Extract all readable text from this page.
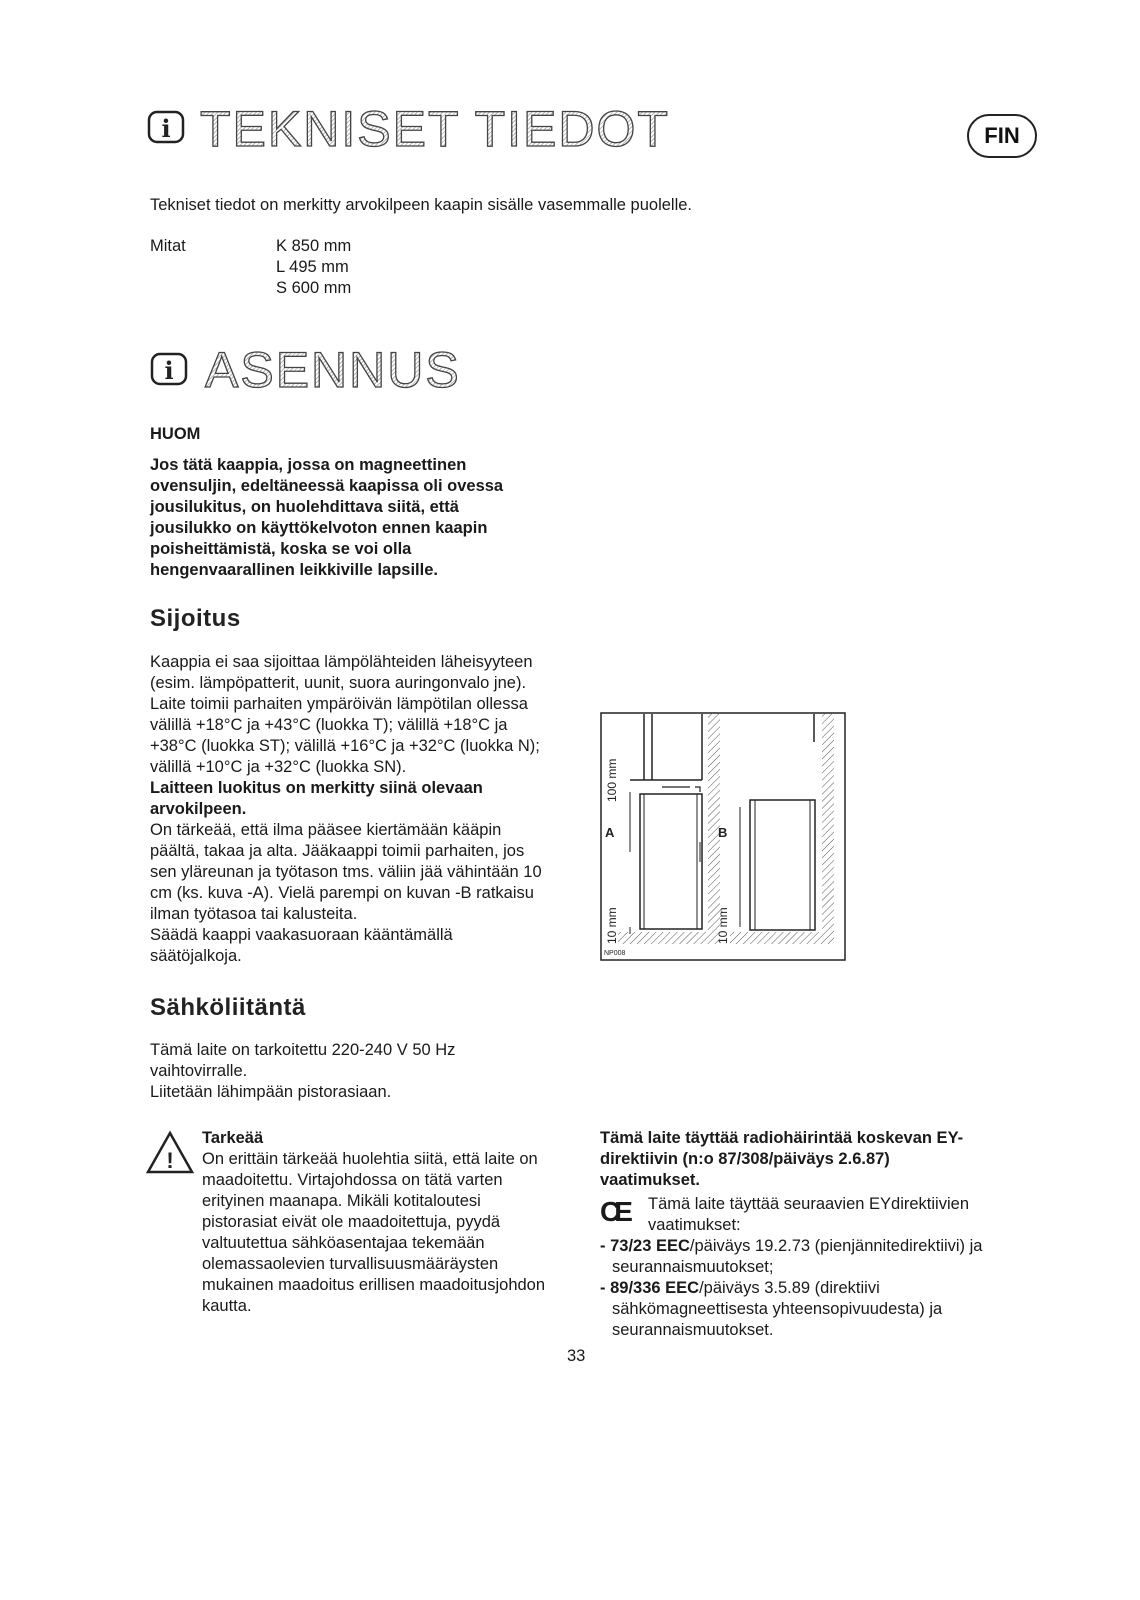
i TEKNISET TIEDOT	FIN
Tekniset tiedot on merkitty arvokilpeen kaapin sisälle vasemmalle puolelle.
Mitat	K 850 mm
L 495 mm
S 600 mm
i ASENNUS
HUOM
Jos tätä kaappia, jossa on magneettinen
ovensuljin, edeltäneessä kaapissa oli ovessa
jousilukitus, on huolehdittava siitä, että
jousilukko on käyttökelvoton ennen kaapin
poisheittämistä, koska se voi olla
hengenvaarallinen leikkiville lapsille.
Sijoitus
Kaappia ei saa sijoittaa lämpölähteiden läheisyyteen
(esim. lämpöpatterit, uunit, suora auringonvalo jne).
Laite toimii parhaiten ympäröivän lämpötilan ollessa
välillä +18°C ja +43°C (luokka T); välillä +18°C ja
+38°C (luokka ST); välillä +16°C ja +32°C (luokka N);
välillä +10°C ja +32°C (luokka SN).
Laitteen luokitus on merkitty siinä olevaan
arvokilpeen.
On tärkeää, että ilma pääsee kiertämään kääpin
päältä, takaa ja alta. Jääkaappi toimii parhaiten, jos
sen yläreunan ja työtason tms. väliin jää vähintään 10
cm (ks. kuva -A). Vielä parempi on kuvan -B ratkaisu
ilman työtasoa tai kalusteita.
Säädä kaappi vaakasuoraan kääntämällä
säätöjalkoja.
A	B
100 mm
10 mm	10 mm
NP008
Sähköliitäntä
Tämä laite on tarkoitettu 220-240 V 50 Hz
vaihtovirralle.
Liitetään lähimpään pistorasiaan.
!
Tarkeää
On erittäin tärkeää huolehtia siitä, että laite on
maadoitettu. Virtajohdossa on tätä varten
erityinen maanapa. Mikäli kotitaloutesi
pistorasiat eivät ole maadoitettuja, pyydä
valtuutettua sähköasentajaa tekemään
olemassaolevien turvallisuusmääräysten
mukainen maadoitus erillisen maadoitusjohdon
kautta.
Tämä laite täyttää radiohäirintää koskevan EY-
direktiivin (n:o 87/308/päiväys 2.6.87)
vaatimukset.
CE Tämä laite täyttää seuraavien EYdirektiivien
vaatimukset:
- 73/23 EEC/päiväys 19.2.73 (pienjännitedirektiivi) ja
seurannaismuutokset;
- 89/336 EEC/päiväys 3.5.89 (direktiivi
sähkömagneettisesta yhteensopivuudesta) ja
seurannaismuutokset.
33
